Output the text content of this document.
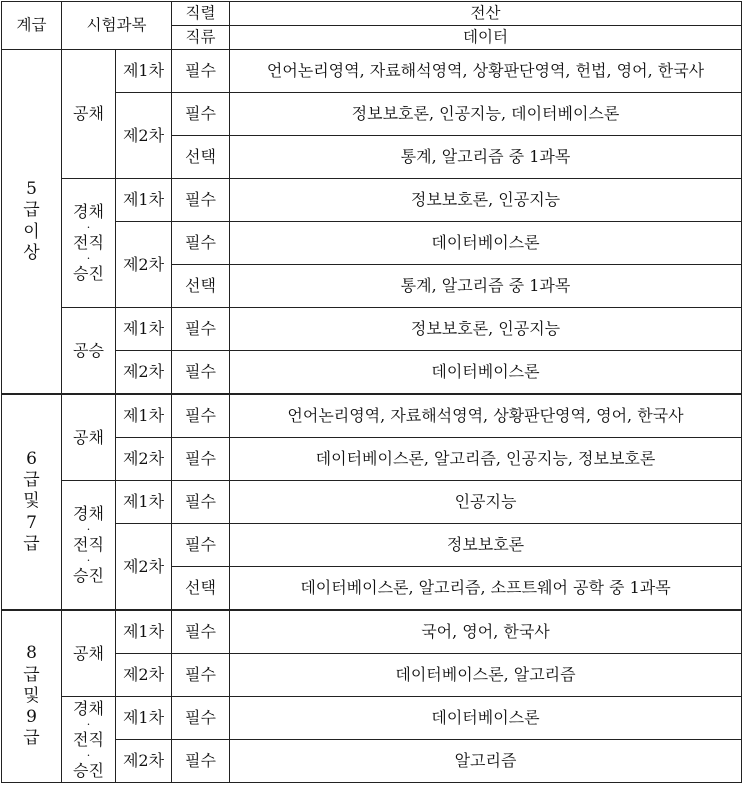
계급	시험과목		직렬	전산
			직류	데이터

5
급
이
상	공채	제1차	필수	언어논리영역, 자료해석영역, 상황판단영역, 헌법, 영어, 한국사
		제2차	필수	정보보호론, 인공지능, 데이터베이스론
			선택	통계, 알고리즘 중 1과목

	경채
·
전직
·
승진	제1차	필수	정보보호론, 인공지능
		제2차	필수	데이터베이스론
			선택	통계, 알고리즘 중 1과목
	공승	제1차	필수	정보보호론, 인공지능
		제2차	필수	데이터베이스론

6
급
및
7
급	공채	제1차	필수	언어논리영역, 자료해석영역, 상황판단영역, 영어, 한국사
		제2차	필수	데이터베이스론, 알고리즘, 인공지능, 정보보호론

	경채
·
전직
·
승진	제1차	필수	인공지능
		제2차	필수	정보보호론
			선택	데이터베이스론, 알고리즘, 소프트웨어 공학 중 1과목

8
급
및
9
급	공채	제1차	필수	국어, 영어, 한국사
		제2차	필수	데이터베이스론, 알고리즘

	경채
·
전직
·
승진	제1차	필수	데이터베이스론
		제2차	필수	알고리즘
